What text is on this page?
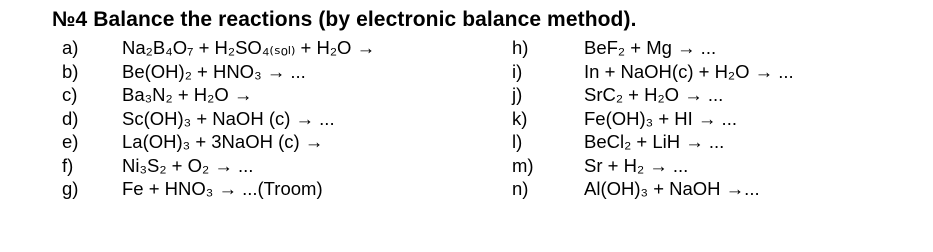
№4 Balance the reactions (by electronic balance method).
a) Na₂B₄O₇ + H₂SO₄₍ₛₒₗ₎ + H₂O →
b) Be(OH)₂ + HNO₃ → ...
c) Ba₃N₂ + H₂O →
d) Sc(OH)₃ + NaOH (c) → ...
e) La(OH)₃ + 3NaOH (c) →
f)	Ni₃S₂ + O₂ → ...
g) Fe + HNO₃ → ...(Troom)
h)	BeF₂ + Mg → ...
i)	In + NaOH(c) + H₂O → ...
j)	SrC₂ + H₂O → ...
k)	Fe(OH)₃ + HI → ...
l)	BeCl₂ + LiH → ...
m)	Sr + H₂ → ...
n)	Al(OH)₃ + NaOH →...
